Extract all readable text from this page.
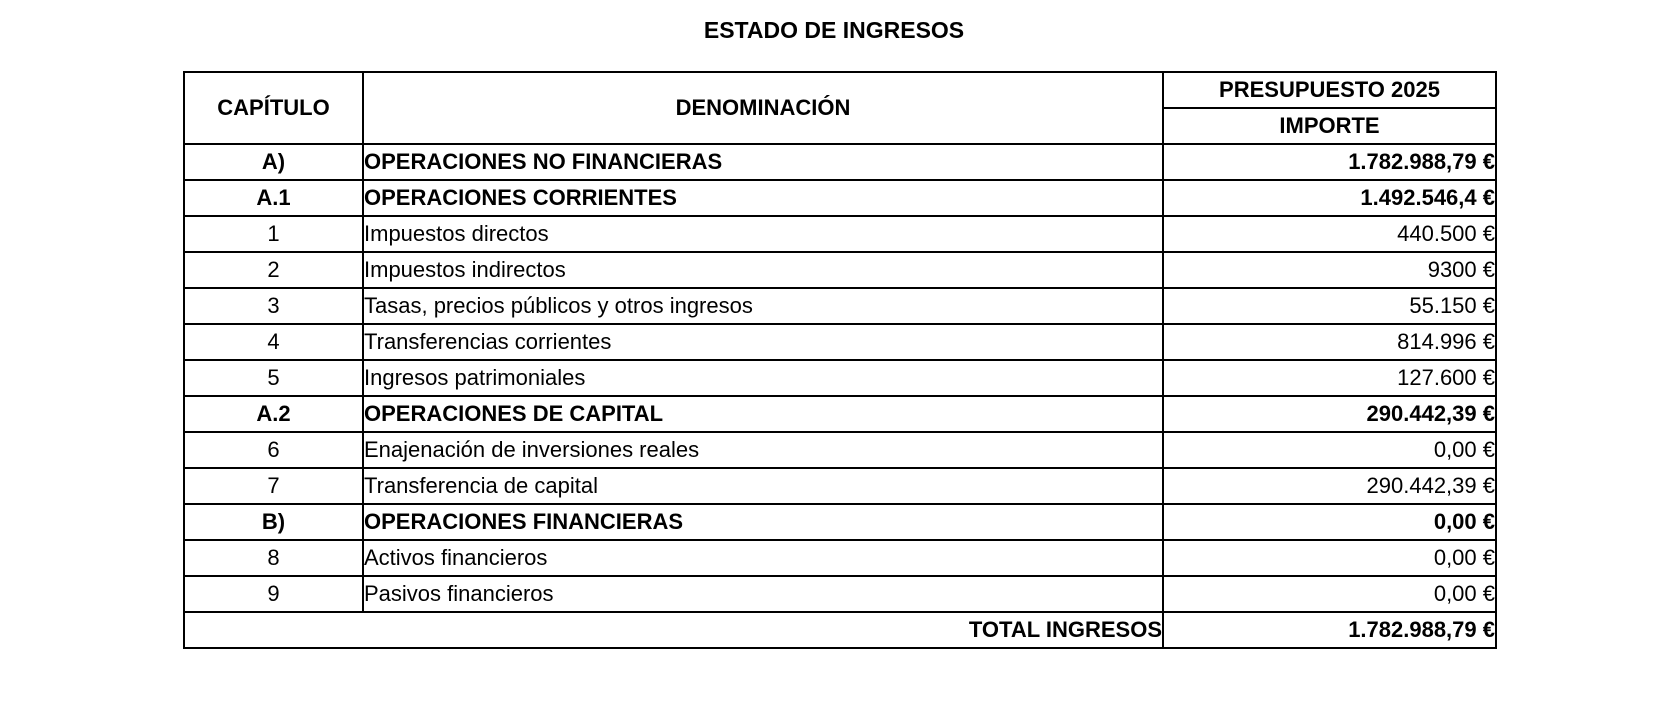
ESTADO DE INGRESOS
CAPÍTULO	DENOMINACIÓN	PRESUPUESTO 2025
		IMPORTE
A)	OPERACIONES NO FINANCIERAS	1.782.988,79 €
A.1	OPERACIONES CORRIENTES	1.492.546,4 €
1	Impuestos directos	440.500 €
2	Impuestos indirectos	9300 €
3	Tasas, precios públicos y otros ingresos	55.150 €
4	Transferencias corrientes	814.996 €
5	Ingresos patrimoniales	127.600 €
A.2	OPERACIONES DE CAPITAL	290.442,39 €
6	Enajenación de inversiones reales	0,00 €
7	Transferencia de capital	290.442,39 €
B)	OPERACIONES FINANCIERAS	0,00 €
8	Activos financieros	0,00 €
9	Pasivos financieros	0,00 €
TOTAL INGRESOS		1.782.988,79 €
